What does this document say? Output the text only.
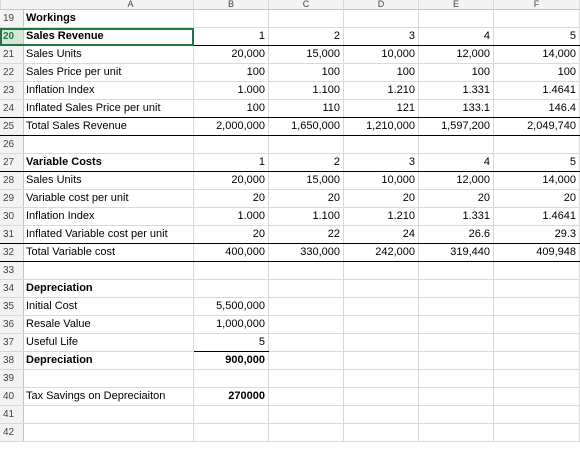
	A	B	C	D	E	F
19 Workings					
20 Sales Revenue	1	2	3	4	5
21 Sales Units	20,000	15,000	10,000	12,000	14,000
22 Sales Price per unit	100	100	100	100	100
23 Inflation Index	1.000	1.100	1.210	1.331	1.4641
24 Inflated Sales Price per unit	100	110	121	133.1	146.4
25 Total Sales Revenue	2,000,000	1,650,000	1,210,000	1,597,200	2,049,740
26					
27 Variable Costs	1	2	3	4	5
28 Sales Units	20,000	15,000	10,000	12,000	14,000
29 Variable cost per unit	20	20	20	20	20
30 Inflation Index	1.000	1.100	1.210	1.331	1.4641
31 Inflated Variable cost per unit	20	22	24	26.6	29.3
32 Total Variable cost	400,000	330,000	242,000	319,440	409,948
33					
34 Depreciation					
35 Initial Cost	5,500,000				
36 Resale Value	1,000,000				
37 Useful Life	5				
38 Depreciation	900,000				
39					
40 Tax Savings on Depreciaiton	270000				
41					
42					
